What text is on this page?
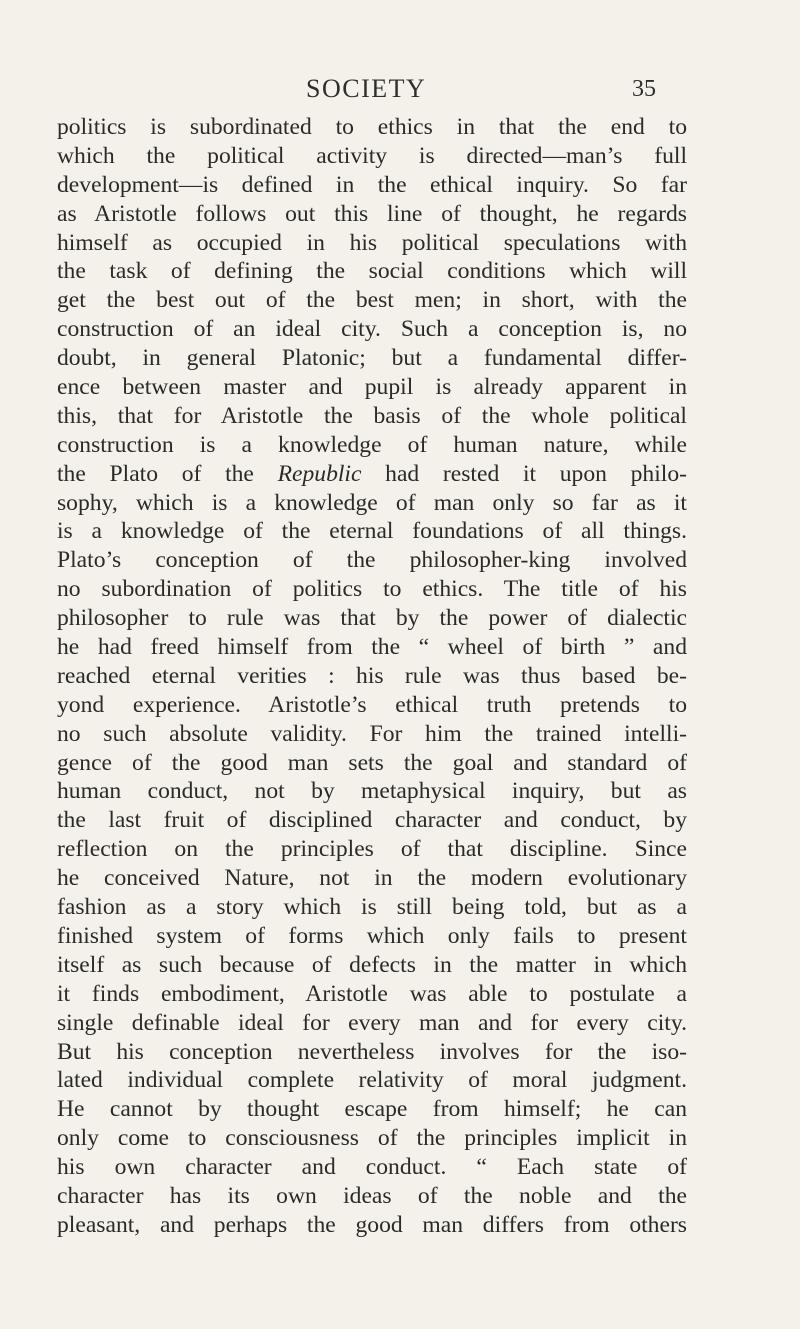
SOCIETY	35
politics is subordinated to ethics in that the end to
which the political activity is directed—man’s full
development—is defined in the ethical inquiry. So far
as Aristotle follows out this line of thought, he regards
himself as occupied in his political speculations with
the task of defining the social conditions which will
get the best out of the best men; in short, with the
construction of an ideal city. Such a conception is, no
doubt, in general Platonic; but a fundamental differ-
ence between master and pupil is already apparent in
this, that for Aristotle the basis of the whole political
construction is a knowledge of human nature, while
the Plato of the Republic had rested it upon philo-
sophy, which is a knowledge of man only so far as it
is a knowledge of the eternal foundations of all things.
Plato’s conception of the philosopher-king involved
no subordination of politics to ethics. The title of his
philosopher to rule was that by the power of dialectic
he had freed himself from the “ wheel of birth ” and
reached eternal verities : his rule was thus based be-
yond experience. Aristotle’s ethical truth pretends to
no such absolute validity. For him the trained intelli-
gence of the good man sets the goal and standard of
human conduct, not by metaphysical inquiry, but as
the last fruit of disciplined character and conduct, by
reflection on the principles of that discipline. Since
he conceived Nature, not in the modern evolutionary
fashion as a story which is still being told, but as a
finished system of forms which only fails to present
itself as such because of defects in the matter in which
it finds embodiment, Aristotle was able to postulate a
single definable ideal for every man and for every city.
But his conception nevertheless involves for the iso-
lated individual complete relativity of moral judgment.
He cannot by thought escape from himself; he can
only come to consciousness of the principles implicit in
his own character and conduct. “ Each state of
character has its own ideas of the noble and the
pleasant, and perhaps the good man differs from others
